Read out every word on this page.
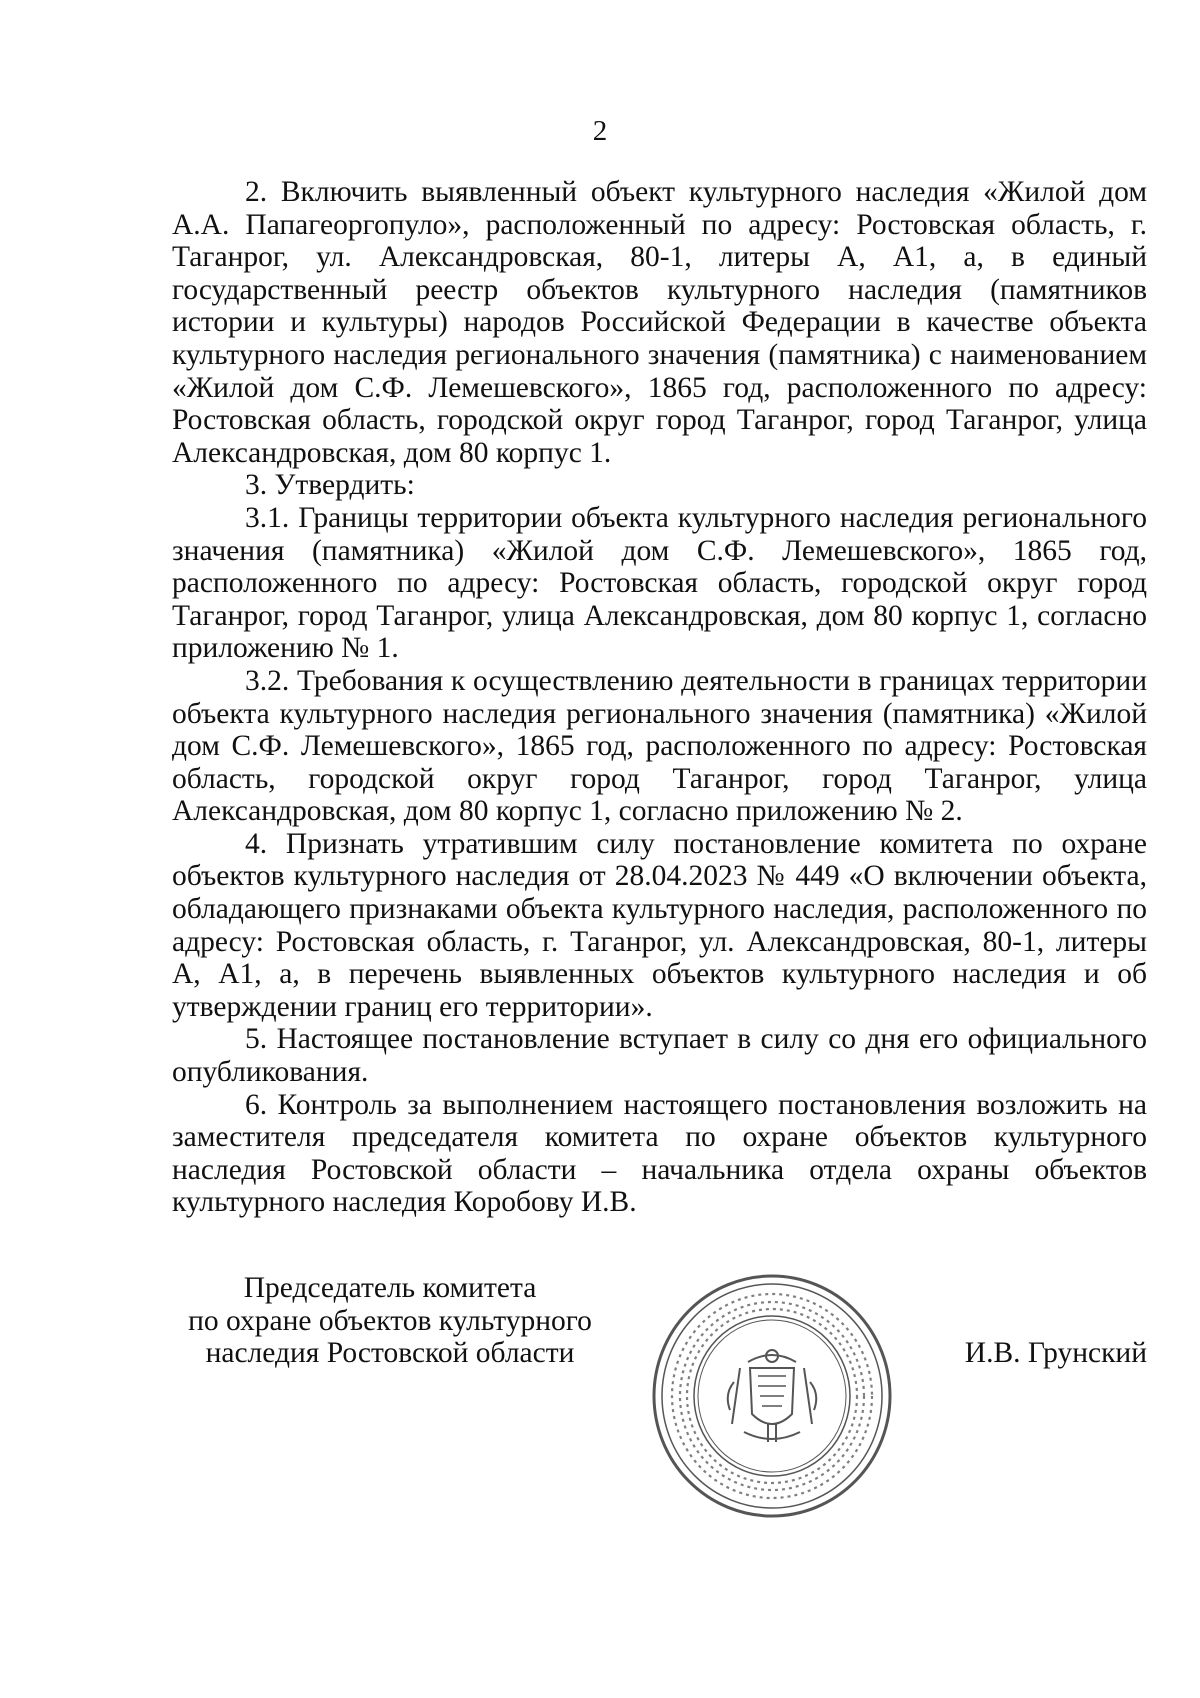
2

2. Включить выявленный объект культурного наследия «Жилой дом А.А. Папагеоргопуло», расположенный по адресу: Ростовская область, г. Таганрог, ул. Александровская, 80-1, литеры А, А1, а, в единый государственный реестр объектов культурного наследия (памятников истории и культуры) народов Российской Федерации в качестве объекта культурного наследия регионального значения (памятника) с наименованием «Жилой дом С.Ф. Лемешевского», 1865 год, расположенного по адресу: Ростовская область, городской округ город Таганрог, город Таганрог, улица Александровская, дом 80 корпус 1.

3. Утвердить:

3.1. Границы территории объекта культурного наследия регионального значения (памятника) «Жилой дом С.Ф. Лемешевского», 1865 год, расположенного по адресу: Ростовская область, городской округ город Таганрог, город Таганрог, улица Александровская, дом 80 корпус 1, согласно приложению № 1.

3.2. Требования к осуществлению деятельности в границах территории объекта культурного наследия регионального значения (памятника) «Жилой дом С.Ф. Лемешевского», 1865 год, расположенного по адресу: Ростовская область, городской округ город Таганрог, город Таганрог, улица Александровская, дом 80 корпус 1, согласно приложению № 2.

4. Признать утратившим силу постановление комитета по охране объектов культурного наследия от 28.04.2023 № 449 «О включении объекта, обладающего признаками объекта культурного наследия, расположенного по адресу: Ростовская область, г. Таганрог, ул. Александровская, 80-1, литеры А, А1, а, в перечень выявленных объектов культурного наследия и об утверждении границ его территории».

5. Настоящее постановление вступает в силу со дня его официального опубликования.

6. Контроль за выполнением настоящего постановления возложить на заместителя председателя комитета по охране объектов культурного наследия Ростовской области – начальника отдела охраны объектов культурного наследия Коробову И.В.

Председатель комитета
по охране объектов культурного
наследия Ростовской области	И.В. Грунский
